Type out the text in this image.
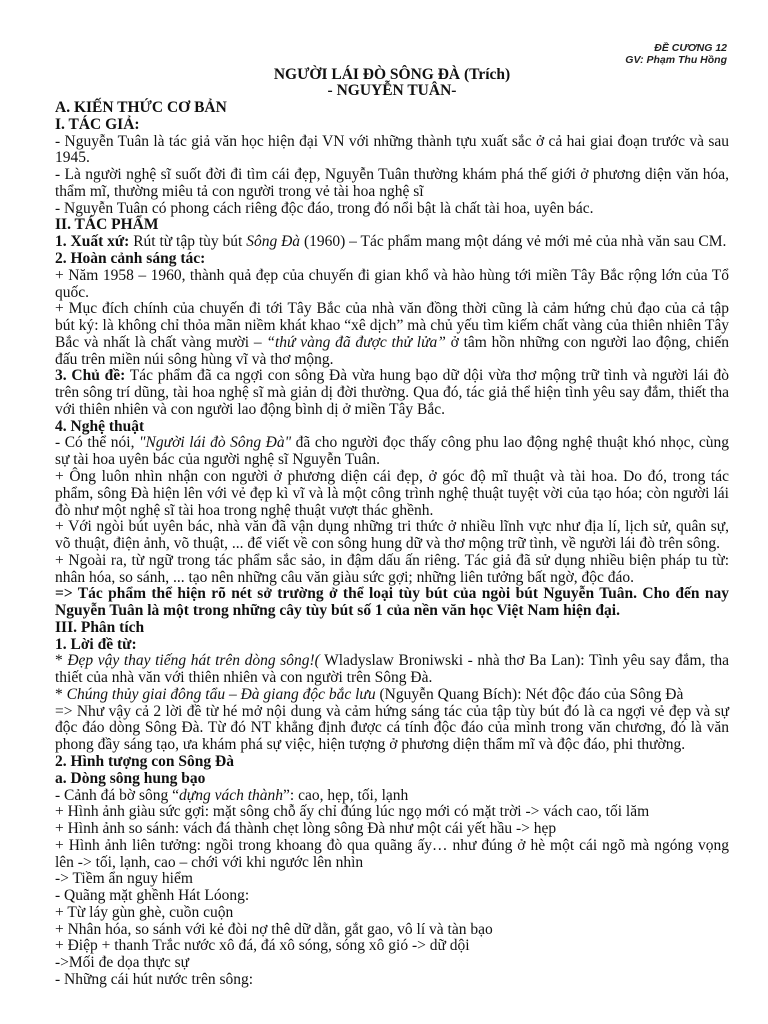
ĐỀ CƯƠNG 12
GV: Phạm Thu Hồng
NGƯỜI LÁI ĐÒ SÔNG ĐÀ (Trích)
- NGUYỄN TUÂN-
A. KIẾN THỨC CƠ BẢN
I. TÁC GIẢ:
- Nguyễn Tuân là tác giả văn học hiện đại VN với những thành tựu xuất sắc ở cả hai giai đoạn trước và sau
1945.
- Là người nghệ sĩ suốt đời đi tìm cái đẹp, Nguyễn Tuân thường khám phá thế giới ở phương diện văn hóa,
thẩm mĩ, thường miêu tả con người trong vẻ tài hoa nghệ sĩ
- Nguyễn Tuân có phong cách riêng độc đáo, trong đó nổi bật là chất tài hoa, uyên bác.
II. TÁC PHẨM
1. Xuất xứ: Rút từ tập tùy bút Sông Đà (1960) – Tác phẩm mang một dáng vẻ mới mẻ của nhà văn sau CM.
2. Hoàn cảnh sáng tác:
+ Năm 1958 – 1960, thành quả đẹp của chuyến đi gian khổ và hào hùng tới miền Tây Bắc rộng lớn của Tổ
quốc.
+ Mục đích chính của chuyến đi tới Tây Bắc của nhà văn đồng thời cũng là cảm hứng chủ đạo của cả tập
bút ký: là không chỉ thỏa mãn niềm khát khao “xê dịch” mà chủ yếu tìm kiếm chất vàng của thiên nhiên Tây
Bắc và nhất là chất vàng mười – “thứ vàng đã được thử lửa” ở tâm hồn những con người lao động, chiến
đấu trên miền núi sông hùng vĩ và thơ mộng.
3. Chủ đề: Tác phẩm đã ca ngợi con sông Đà vừa hung bạo dữ dội vừa thơ mộng trữ tình và người lái đò
trên sông trí dũng, tài hoa nghệ sĩ mà giản dị đời thường. Qua đó, tác giả thể hiện tình yêu say đắm, thiết tha
với thiên nhiên và con người lao động bình dị ở miền Tây Bắc.
4. Nghệ thuật
- Có thể nói, "Người lái đò Sông Đà" đã cho người đọc thấy công phu lao động nghệ thuật khó nhọc, cùng
sự tài hoa uyên bác của người nghệ sĩ Nguyễn Tuân.
+ Ông luôn nhìn nhận con người ở phương diện cái đẹp, ở góc độ mĩ thuật và tài hoa. Do đó, trong tác
phẩm, sông Đà hiện lên với vẻ đẹp kì vĩ và là một công trình nghệ thuật tuyệt vời của tạo hóa; còn người lái
đò như một nghệ sĩ tài hoa trong nghệ thuật vượt thác ghềnh.
+ Với ngòi bút uyên bác, nhà văn đã vận dụng những tri thức ở nhiều lĩnh vực như địa lí, lịch sử, quân sự,
võ thuật, điện ảnh, võ thuật, ... để viết về con sông hung dữ và thơ mộng trữ tình, về người lái đò trên sông.
+ Ngoài ra, từ ngữ trong tác phẩm sắc sảo, in đậm dấu ấn riêng. Tác giả đã sử dụng nhiều biện pháp tu từ:
nhân hóa, so sánh, ... tạo nên những câu văn giàu sức gợi; những liên tưởng bất ngờ, độc đáo.
=> Tác phẩm thể hiện rõ nét sở trường ở thể loại tùy bút của ngòi bút Nguyễn Tuân. Cho đến nay
Nguyễn Tuân là một trong những cây tùy bút số 1 của nền văn học Việt Nam hiện đại.
III. Phân tích
1. Lời đề từ:
* Đẹp vậy thay tiếng hát trên dòng sông!( Wladyslaw Broniwski - nhà thơ Ba Lan): Tình yêu say đắm, tha
thiết của nhà văn với thiên nhiên và con người trên Sông Đà.
* Chúng thủy giai đông tẩu – Đà giang độc bắc lưu (Nguyễn Quang Bích): Nét độc đáo của Sông Đà
=> Như vậy cả 2 lời đề từ hé mở nội dung và cảm hứng sáng tác của tập tùy bút đó là ca ngợi vẻ đẹp và sự
độc đáo dòng Sông Đà. Từ đó NT khẳng định được cá tính độc đáo của mình trong văn chương, đó là văn
phong đầy sáng tạo, ưa khám phá sự việc, hiện tượng ở phương diện thẩm mĩ và độc đáo, phi thường.
2. Hình tượng con Sông Đà
a. Dòng sông hung bạo
- Cảnh đá bờ sông “dựng vách thành”: cao, hẹp, tối, lạnh
+ Hình ảnh giàu sức gợi: mặt sông chỗ ấy chỉ đúng lúc ngọ mới có mặt trời -> vách cao, tối lăm
+ Hình ảnh so sánh: vách đá thành chẹt lòng sông Đà như một cái yết hầu -> hẹp
+ Hình ảnh liên tưởng: ngồi trong khoang đò qua quãng ấy… như đúng ở hè một cái ngõ mà ngóng vọng
lên -> tối, lạnh, cao – chới với khi ngước lên nhìn
-> Tiềm ẩn nguy hiểm
- Quãng mặt ghềnh Hát Lóong:
+ Từ láy gùn ghè, cuồn cuộn
+ Nhân hóa, so sánh với kẻ đòi nợ thê dữ dằn, gắt gao, vô lí và tàn bạo
+ Điệp + thanh Trắc nước xô đá, đá xô sóng, sóng xô gió -> dữ dội
->Mối đe dọa thực sự
- Những cái hút nước trên sông:
